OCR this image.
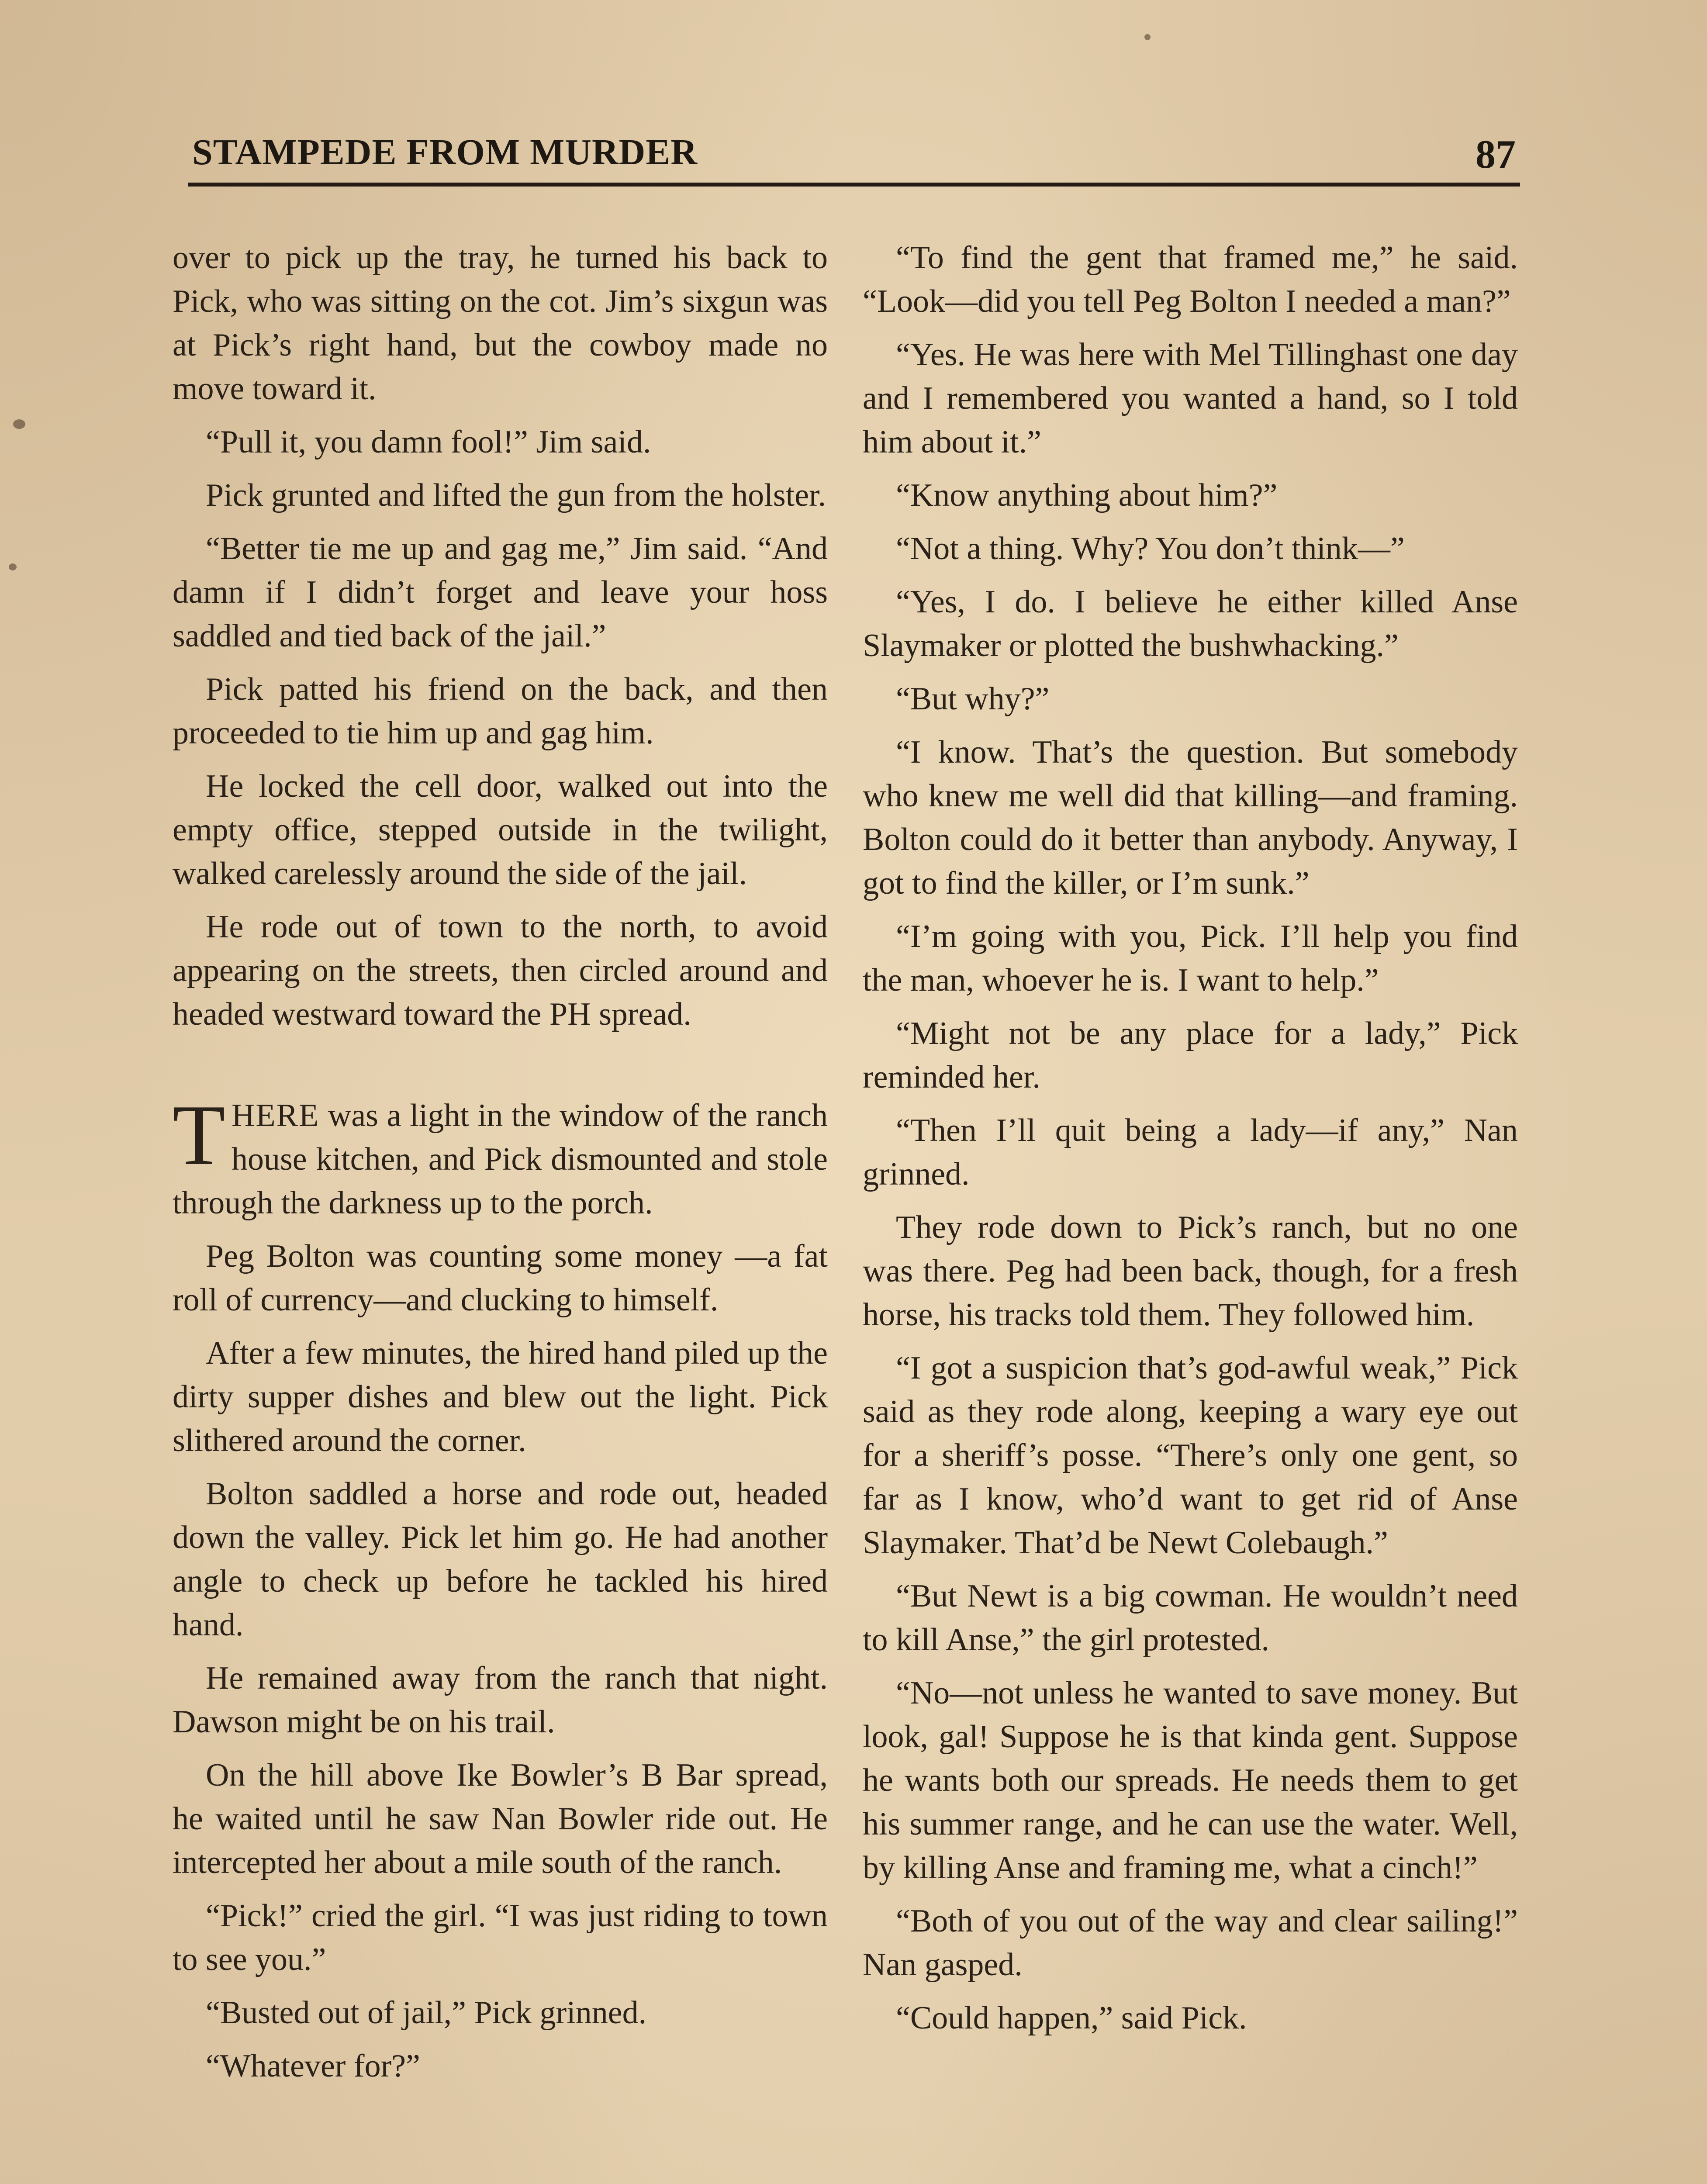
STAMPEDE FROM MURDER	87

over to pick up the tray, he turned his back to Pick, who was sitting on the cot. Jim’s sixgun was at Pick’s right hand, but the cowboy made no move toward it.

“Pull it, you damn fool!” Jim said.

Pick grunted and lifted the gun from the holster.

“Better tie me up and gag me,” Jim said. “And damn if I didn’t forget and leave your hoss saddled and tied back of the jail.”

Pick patted his friend on the back, and then proceeded to tie him up and gag him.

He locked the cell door, walked out into the empty office, stepped outside in the twilight, walked carelessly around the side of the jail.

He rode out of town to the north, to avoid appearing on the streets, then circled around and headed westward toward the PH spread.

THERE was a light in the window of the ranch house kitchen, and Pick dismounted and stole through the darkness up to the porch.

Peg Bolton was counting some money —a fat roll of currency—and clucking to himself.

After a few minutes, the hired hand piled up the dirty supper dishes and blew out the light. Pick slithered around the corner.

Bolton saddled a horse and rode out, headed down the valley. Pick let him go. He had another angle to check up before he tackled his hired hand.

He remained away from the ranch that night. Dawson might be on his trail.

On the hill above Ike Bowler’s B Bar spread, he waited until he saw Nan Bowler ride out. He intercepted her about a mile south of the ranch.

“Pick!” cried the girl. “I was just riding to town to see you.”

“Busted out of jail,” Pick grinned.

“Whatever for?”

“To find the gent that framed me,” he said. “Look—did you tell Peg Bolton I needed a man?”

“Yes. He was here with Mel Tillinghast one day and I remembered you wanted a hand, so I told him about it.”

“Know anything about him?”

“Not a thing. Why? You don’t think—”

“Yes, I do. I believe he either killed Anse Slaymaker or plotted the bushwhacking.”

“But why?”

“I know. That’s the question. But somebody who knew me well did that killing—and framing. Bolton could do it better than anybody. Anyway, I got to find the killer, or I’m sunk.”

“I’m going with you, Pick. I’ll help you find the man, whoever he is. I want to help.”

“Might not be any place for a lady,” Pick reminded her.

“Then I’ll quit being a lady—if any,” Nan grinned.

They rode down to Pick’s ranch, but no one was there. Peg had been back, though, for a fresh horse, his tracks told them. They followed him.

“I got a suspicion that’s god-awful weak,” Pick said as they rode along, keeping a wary eye out for a sheriff’s posse. “There’s only one gent, so far as I know, who’d want to get rid of Anse Slaymaker. That’d be Newt Colebaugh.”

“But Newt is a big cowman. He wouldn’t need to kill Anse,” the girl protested.

“No—not unless he wanted to save money. But look, gal! Suppose he is that kinda gent. Suppose he wants both our spreads. He needs them to get his summer range, and he can use the water. Well, by killing Anse and framing me, what a cinch!”

“Both of you out of the way and clear sailing!” Nan gasped.

“Could happen,” said Pick.
